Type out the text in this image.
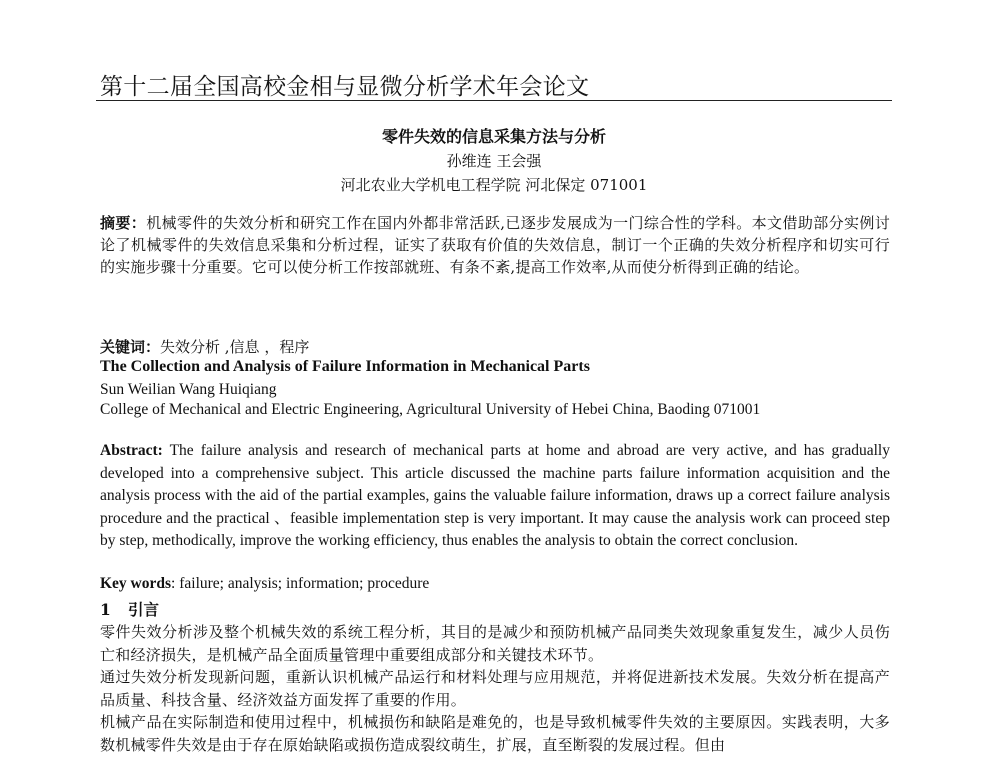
第十二届全国高校金相与显微分析学术年会论文
零件失效的信息采集方法与分析
孙维连 王会强
河北农业大学机电工程学院 河北保定 071001
摘要：机械零件的失效分析和研究工作在国内外都非常活跃,已逐步发展成为一门综合性的学科。本文借助部分实例讨论了机械零件的失效信息采集和分析过程，证实了获取有价值的失效信息，制订一个正确的失效分析程序和切实可行的实施步骤十分重要。它可以使分析工作按部就班、有条不紊,提高工作效率,从而使分析得到正确的结论。
关键词：失效分析 ,信息 ，程序
The Collection and Analysis of Failure Information in Mechanical Parts
Sun Weilian Wang Huiqiang
College of Mechanical and Electric Engineering, Agricultural University of Hebei China, Baoding 071001
Abstract: The failure analysis and research of mechanical parts at home and abroad are very active, and has gradually developed into a comprehensive subject. This article discussed the machine parts failure information acquisition and the analysis process with the aid of the partial examples, gains the valuable failure information, draws up a correct failure analysis procedure and the practical 、feasible implementation step is very important. It may cause the analysis work can proceed step by step, methodically, improve the working efficiency, thus enables the analysis to obtain the correct conclusion.
Key words: failure; analysis; information; procedure
1 引言

零件失效分析涉及整个机械失效的系统工程分析，其目的是减少和预防机械产品同类失效现象重复发生，减少人员伤亡和经济损失，是机械产品全面质量管理中重要组成部分和关键技术环节。

通过失效分析发现新问题，重新认识机械产品运行和材料处理与应用规范，并将促进新技术发展。失效分析在提高产品质量、科技含量、经济效益方面发挥了重要的作用。

机械产品在实际制造和使用过程中，机械损伤和缺陷是难免的，也是导致机械零件失效的主要原因。实践表明，大多数机械零件失效是由于存在原始缺陷或损伤造成裂纹萌生，扩展，直至断裂的发展过程。但由
